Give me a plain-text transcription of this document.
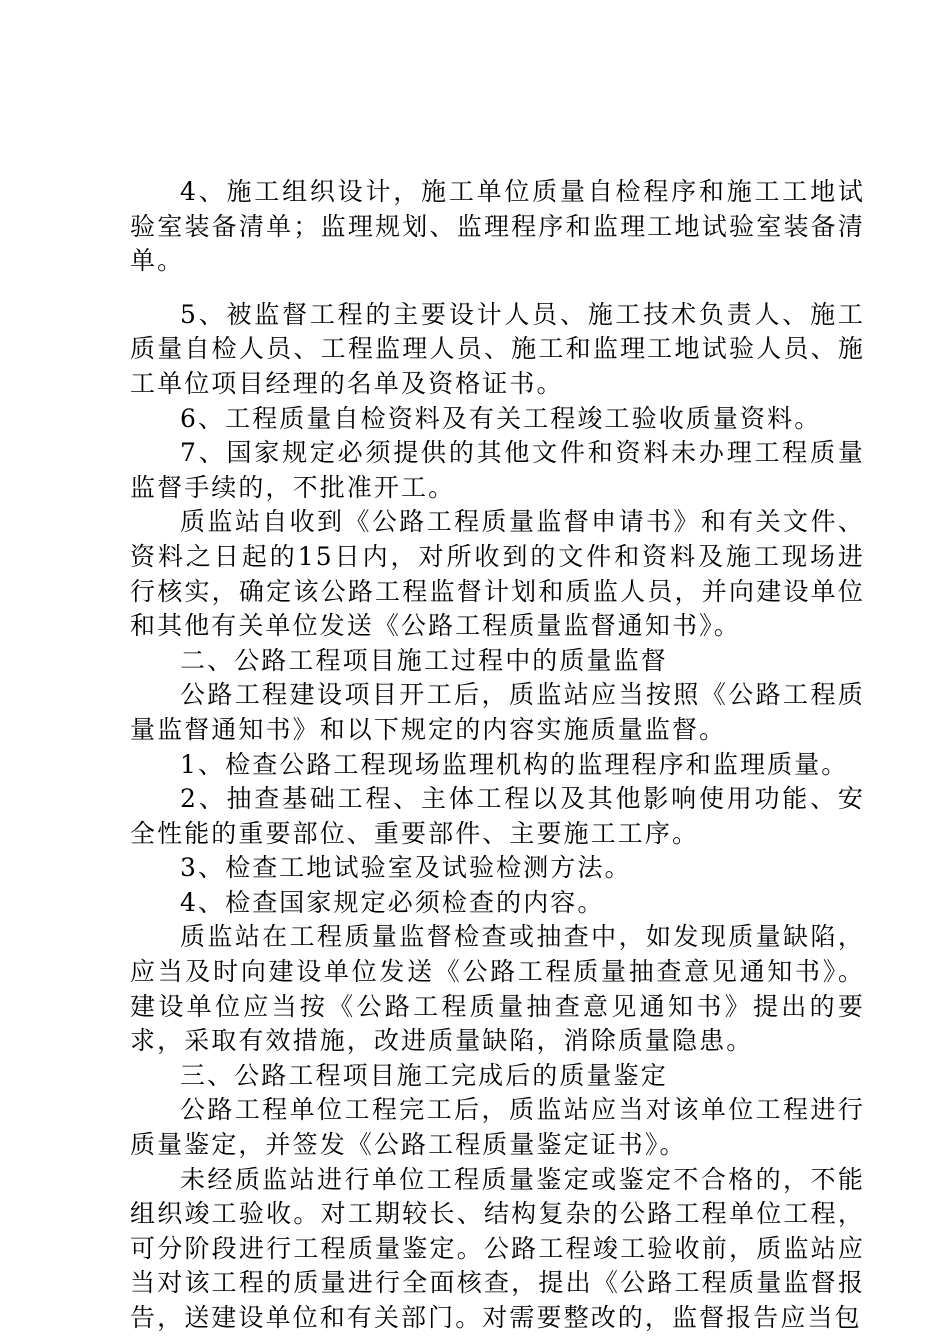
4、施工组织设计，施工单位质量自检程序和施工工地试验室装备清单；监理规划、监理程序和监理工地试验室装备清单。

5、被监督工程的主要设计人员、施工技术负责人、施工质量自检人员、工程监理人员、施工和监理工地试验人员、施工单位项目经理的名单及资格证书。

6、工程质量自检资料及有关工程竣工验收质量资料。

7、国家规定必须提供的其他文件和资料未办理工程质量监督手续的，不批准开工。

质监站自收到《公路工程质量监督申请书》和有关文件、资料之日起的15日内，对所收到的文件和资料及施工现场进行核实，确定该公路工程监督计划和质监人员，并向建设单位和其他有关单位发送《公路工程质量监督通知书》。

二、公路工程项目施工过程中的质量监督

公路工程建设项目开工后，质监站应当按照《公路工程质量监督通知书》和以下规定的内容实施质量监督。

1、检查公路工程现场监理机构的监理程序和监理质量。

2、抽查基础工程、主体工程以及其他影响使用功能、安全性能的重要部位、重要部件、主要施工工序。

3、检查工地试验室及试验检测方法。

4、检查国家规定必须检查的内容。

质监站在工程质量监督检查或抽查中，如发现质量缺陷，应当及时向建设单位发送《公路工程质量抽查意见通知书》。建设单位应当按《公路工程质量抽查意见通知书》提出的要求，采取有效措施，改进质量缺陷，消除质量隐患。

三、公路工程项目施工完成后的质量鉴定

公路工程单位工程完工后，质监站应当对该单位工程进行质量鉴定，并签发《公路工程质量鉴定证书》。

未经质监站进行单位工程质量鉴定或鉴定不合格的，不能组织竣工验收。对工期较长、结构复杂的公路工程单位工程，可分阶段进行工程质量鉴定。公路工程竣工验收前，质监站应当对该工程的质量进行全面核查，提出《公路工程质量监督报告，送建设单位和有关部门。对需要整改的，监督报告应当包
